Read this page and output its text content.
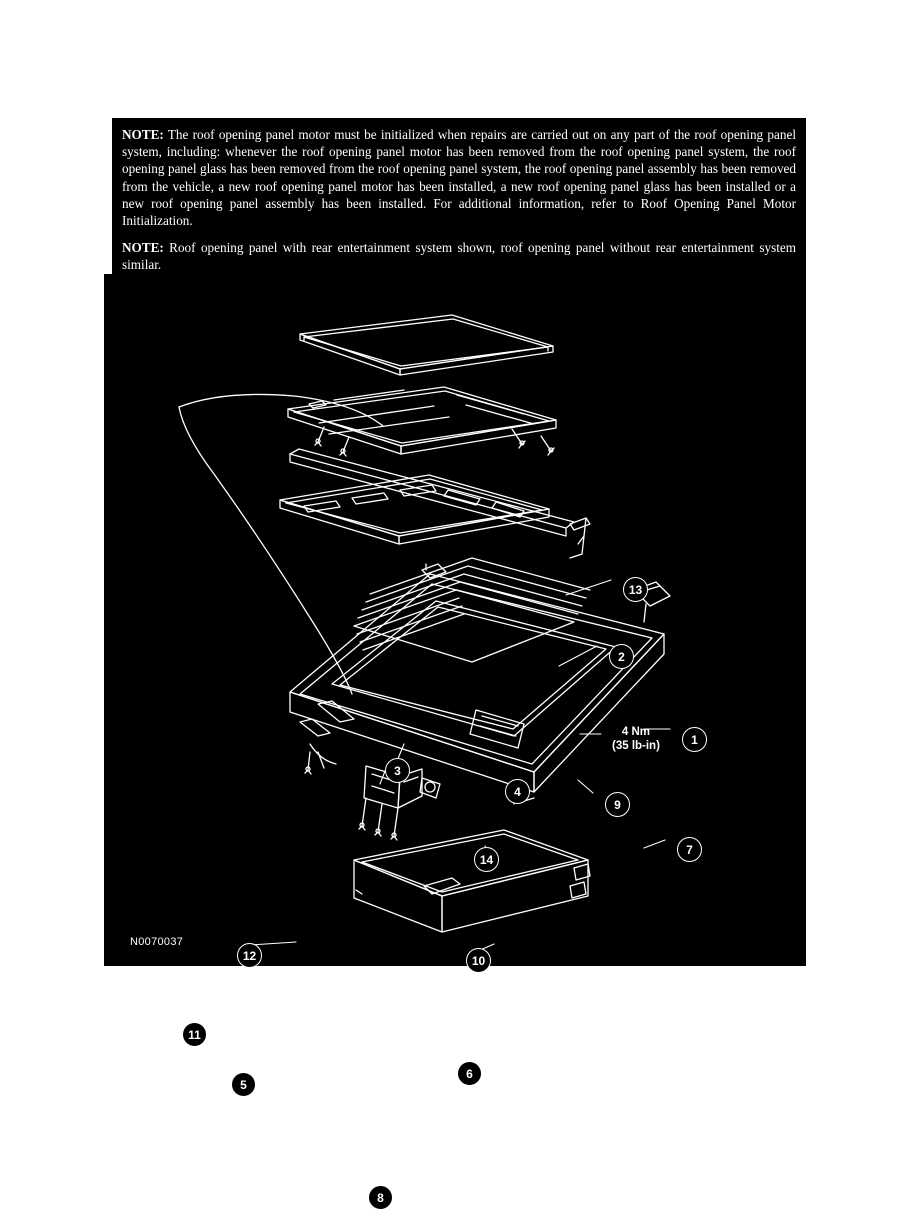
NOTE: The roof opening panel motor must be initialized when repairs are carried out on any part of the roof opening panel system, including: whenever the roof opening panel motor has been removed from the roof opening panel system, the roof opening panel glass has been removed from the roof opening panel system, the roof opening panel assembly has been removed from the vehicle, a new roof opening panel motor has been installed, a new roof opening panel glass has been installed or a new roof opening panel assembly has been installed. For additional information, refer to Roof Opening Panel Motor Initialization.

NOTE: Roof opening panel with rear entertainment system shown, roof opening panel without rear entertainment system similar.

13
2
1
3
4
9
7
14
12	10
11
6
5
8
4 Nm
(35 lb-in)
6 Nm
(53 lb-in)
2 Nm
(18 lb-in)
N0070037
